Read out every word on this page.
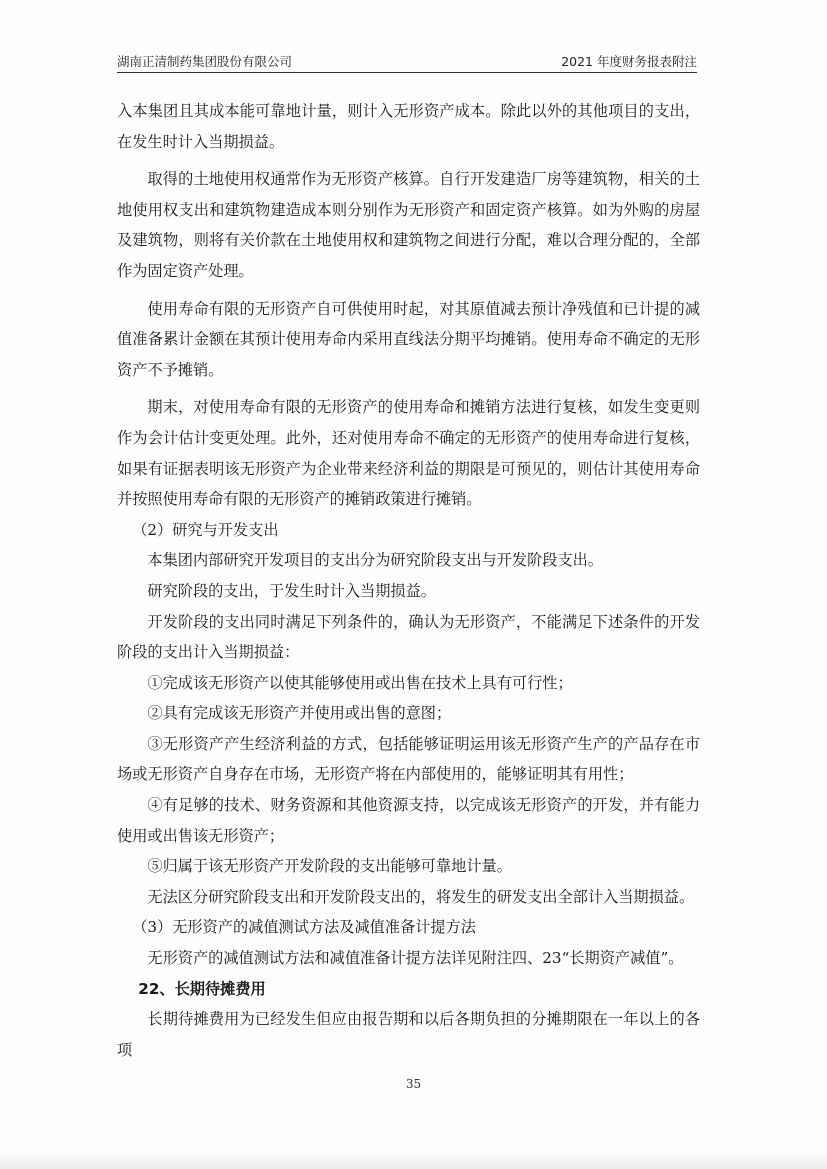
湖南正清制药集团股份有限公司	2021 年度财务报表附注

入本集团且其成本能可靠地计量，则计入无形资产成本。除此以外的其他项目的支出，在发生时计入当期损益。

取得的土地使用权通常作为无形资产核算。自行开发建造厂房等建筑物，相关的土地使用权支出和建筑物建造成本则分别作为无形资产和固定资产核算。如为外购的房屋及建筑物，则将有关价款在土地使用权和建筑物之间进行分配，难以合理分配的，全部作为固定资产处理。

使用寿命有限的无形资产自可供使用时起，对其原值减去预计净残值和已计提的减值准备累计金额在其预计使用寿命内采用直线法分期平均摊销。使用寿命不确定的无形资产不予摊销。

期末，对使用寿命有限的无形资产的使用寿命和摊销方法进行复核，如发生变更则作为会计估计变更处理。此外，还对使用寿命不确定的无形资产的使用寿命进行复核，如果有证据表明该无形资产为企业带来经济利益的期限是可预见的，则估计其使用寿命并按照使用寿命有限的无形资产的摊销政策进行摊销。

（2）研究与开发支出

本集团内部研究开发项目的支出分为研究阶段支出与开发阶段支出。

研究阶段的支出，于发生时计入当期损益。

开发阶段的支出同时满足下列条件的，确认为无形资产，不能满足下述条件的开发阶段的支出计入当期损益：

①完成该无形资产以使其能够使用或出售在技术上具有可行性；

②具有完成该无形资产并使用或出售的意图；

③无形资产产生经济利益的方式，包括能够证明运用该无形资产生产的产品存在市场或无形资产自身存在市场，无形资产将在内部使用的，能够证明其有用性；

④有足够的技术、财务资源和其他资源支持，以完成该无形资产的开发，并有能力使用或出售该无形资产；

⑤归属于该无形资产开发阶段的支出能够可靠地计量。

无法区分研究阶段支出和开发阶段支出的，将发生的研发支出全部计入当期损益。

（3）无形资产的减值测试方法及减值准备计提方法

无形资产的减值测试方法和减值准备计提方法详见附注四、23“长期资产减值”。

22、长期待摊费用

长期待摊费用为已经发生但应由报告期和以后各期负担的分摊期限在一年以上的各项

35
